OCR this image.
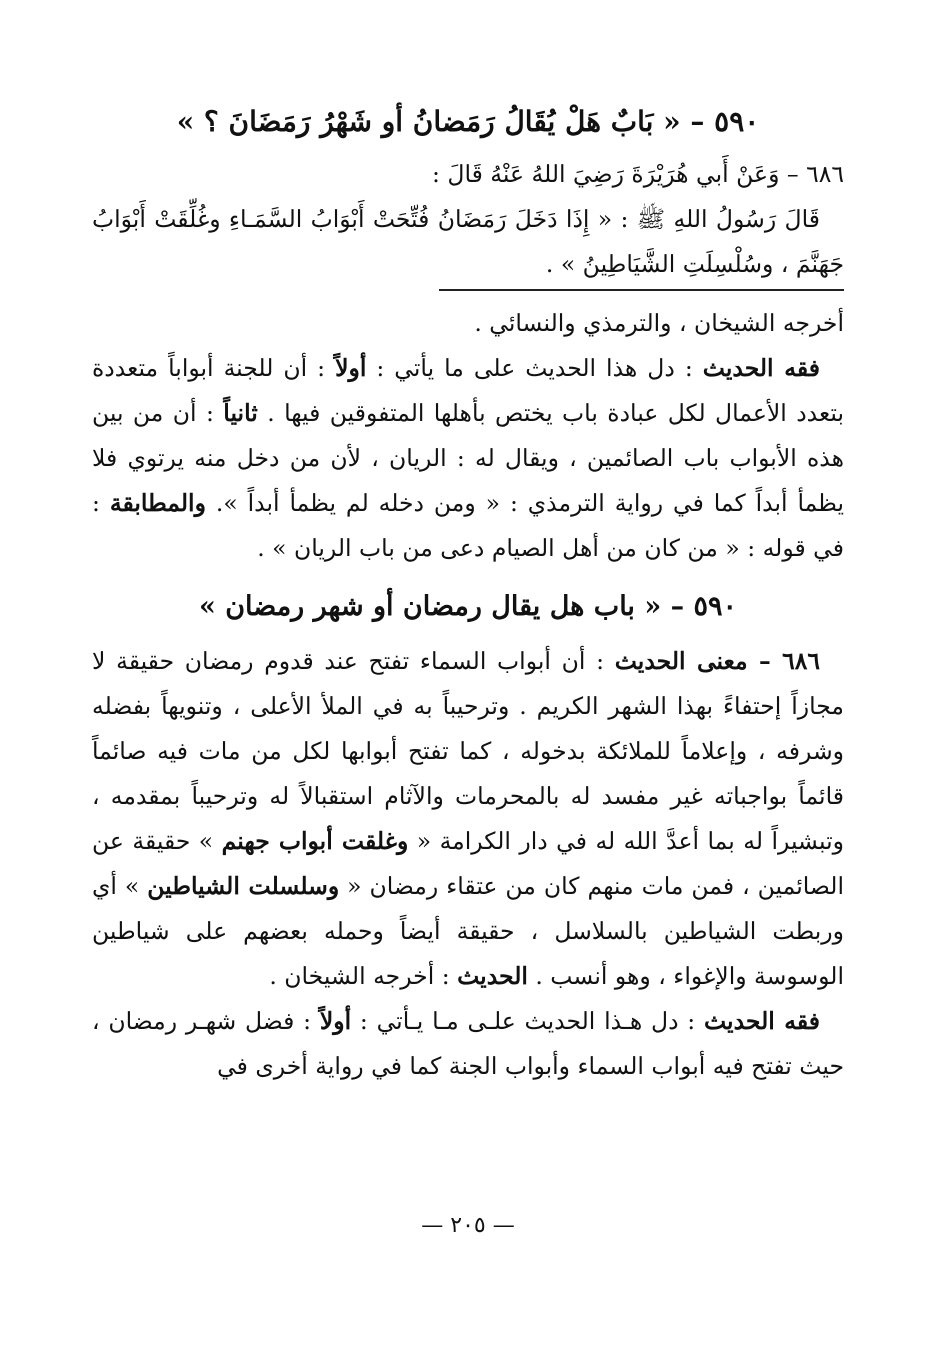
٥٩٠ – « بَابٌ هَلْ يُقَالُ رَمَضانُ أو شَهْرُ رَمَضَانَ ؟ »

٦٨٦ – وَعَنْ أَبي هُرَيْرَةَ رَضِيَ اللهُ عَنْهُ قَالَ :

قَالَ رَسُولُ اللهِ ﷺ : « إِذَا دَخَلَ رَمَضَانُ فُتِّحَتْ أَبْوَابُ السَّمَـاءِ وغُلِّقَتْ أَبْوَابُ جَهَنَّمَ ، وسُلْسِلَتِ الشَّيَاطِينُ » .

أخرجه الشيخان ، والترمذي والنسائي .

فقه الحديث : دل هذا الحديث على ما يأتي : أولاً : أن للجنة أبواباً متعددة بتعدد الأعمال لكل عبادة باب يختص بأهلها المتفوقين فيها . ثانياً : أن من بين هذه الأبواب باب الصائمين ، ويقال له : الريان ، لأن من دخل منه يرتوي فلا يظمأ أبداً كما في رواية الترمذي : « ومن دخله لم يظمأ أبداً ». والمطابقة : في قوله : « من كان من أهل الصيام دعى من باب الريان » .

٥٩٠ – « باب هل يقال رمضان أو شهر رمضان »

٦٨٦ – معنى الحديث : أن أبواب السماء تفتح عند قدوم رمضان حقيقة لا مجازاً إحتفاءً بهذا الشهر الكريم . وترحيباً به في الملأ الأعلى ، وتنويهاً بفضله وشرفه ، وإعلاماً للملائكة بدخوله ، كما تفتح أبوابها لكل من مات فيه صائماً قائماً بواجباته غير مفسد له بالمحرمات والآثام استقبالاً له وترحيباً بمقدمه ، وتبشيراً له بما أعدَّ الله له في دار الكرامة « وغلقت أبواب جهنم » حقيقة عن الصائمين ، فمن مات منهم كان من عتقاء رمضان « وسلسلت الشياطين » أي وربطت الشياطين بالسلاسل ، حقيقة أيضاً وحمله بعضهم على شياطين الوسوسة والإغواء ، وهو أنسب . الحديث : أخرجه الشيخان .

فقه الحديث : دل هـذا الحديث علـى مـا يـأتي : أولاً : فضل شهـر رمضان ، حيث تفتح فيه أبواب السماء وأبواب الجنة كما في رواية أخرى في

— ٢٠٥ —
